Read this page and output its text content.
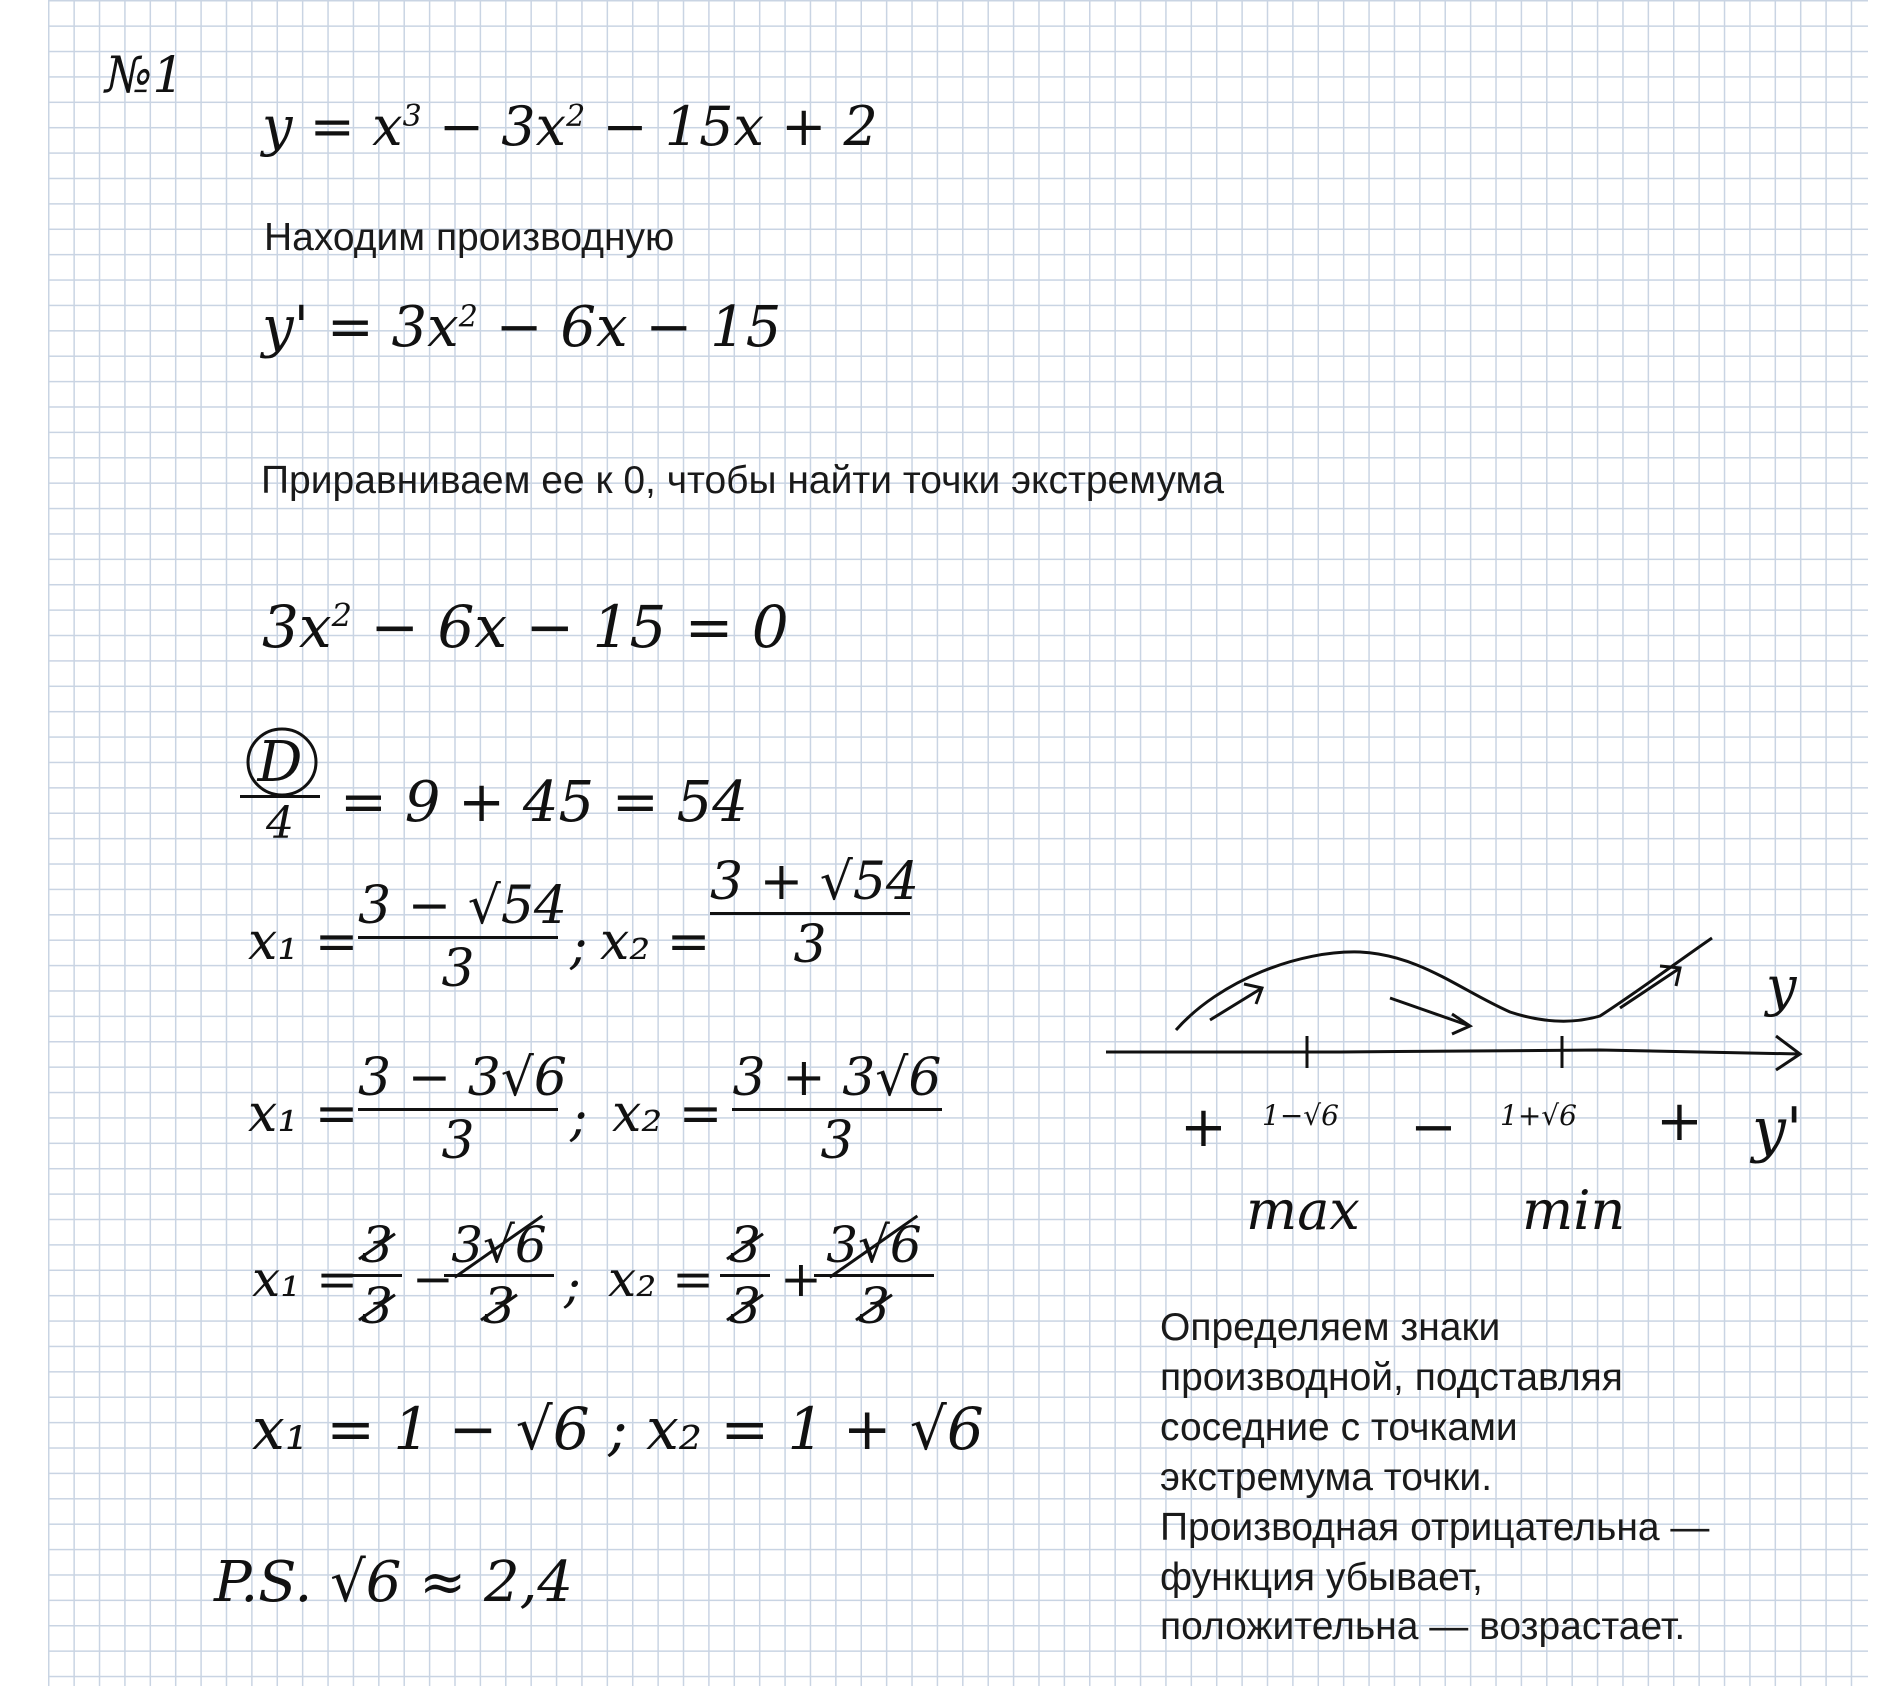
№1
$y = x^3 - 3x^2 - 15x + 2$
Находим производную
$y' = 3x^2 - 6x - 15$
Приравниваем ее к 0, чтобы найти точки экстремума
$3x^2 - 6x - 15 = 0$
D
4 = 9 + 45 = 54
x₁ =
3 − √54
3	; x₂ =
3 + √54
3
x₁ =
3 − 3√6
3	; x₂ =
3 + 3√6
3
x₁ =
3
3 −
3√6
3 ; x₂ =
3
3 +
3√6
3
x₁ = 1 − √6 ; x₂ = 1 + √6
P.S. √6 ≈ 2,4
y
y'
1−√6	1+√6
+	−	+
max	min
Определяем знаки
производной, подставляя
соседние с точками
экстремума точки.
Производная отрицательна —
функция убывает,
положительна — возрастает.
